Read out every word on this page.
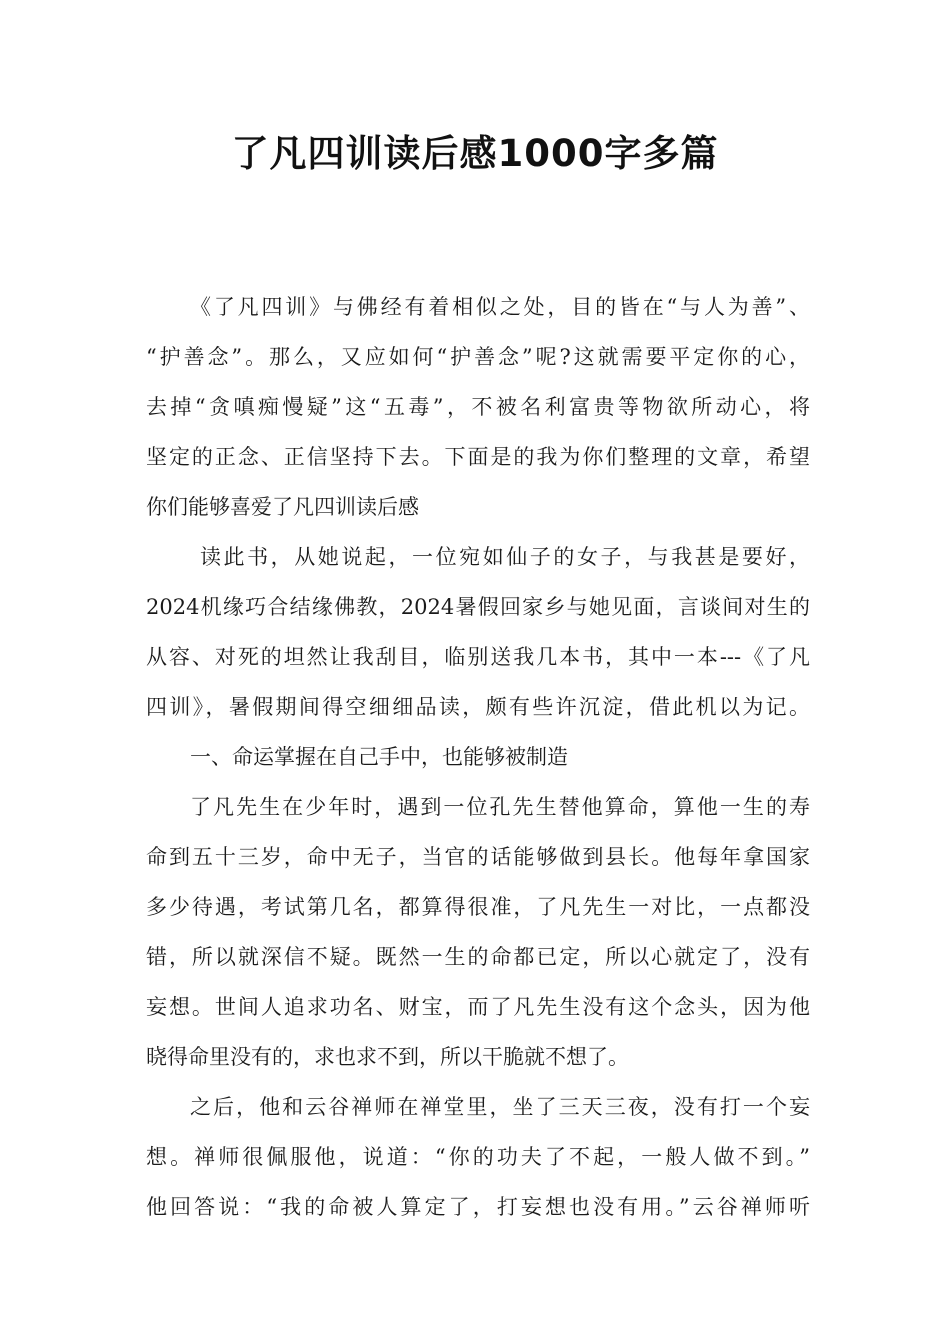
了凡四训读后感1000字多篇
《了凡四训》与佛经有着相似之处，目的皆在“与人为善”、
“护善念”。那么，又应如何“护善念”呢?这就需要平定你的心，
去掉“贪嗔痴慢疑”这“五毒”，不被名利富贵等物欲所动心，将
坚定的正念、正信坚持下去。下面是的我为你们整理的文章，希望
你们能够喜爱了凡四训读后感
读此书，从她说起，一位宛如仙子的女子，与我甚是要好，
2024机缘巧合结缘佛教，2024暑假回家乡与她见面，言谈间对生的
从容、对死的坦然让我刮目，临别送我几本书，其中一本---《了凡
四训》，暑假期间得空细细品读，颇有些许沉淀，借此机以为记。
一、命运掌握在自己手中，也能够被制造
了凡先生在少年时，遇到一位孔先生替他算命，算他一生的寿
命到五十三岁，命中无子，当官的话能够做到县长。他每年拿国家
多少待遇，考试第几名，都算得很准，了凡先生一对比，一点都没
错，所以就深信不疑。既然一生的命都已定，所以心就定了，没有
妄想。世间人追求功名、财宝，而了凡先生没有这个念头，因为他
晓得命里没有的，求也求不到，所以干脆就不想了。
之后，他和云谷禅师在禅堂里，坐了三天三夜，没有打一个妄
想。禅师很佩服他，说道：“你的功夫了不起，一般人做不到。”
他回答说：“我的命被人算定了，打妄想也没有用。”云谷禅师听
